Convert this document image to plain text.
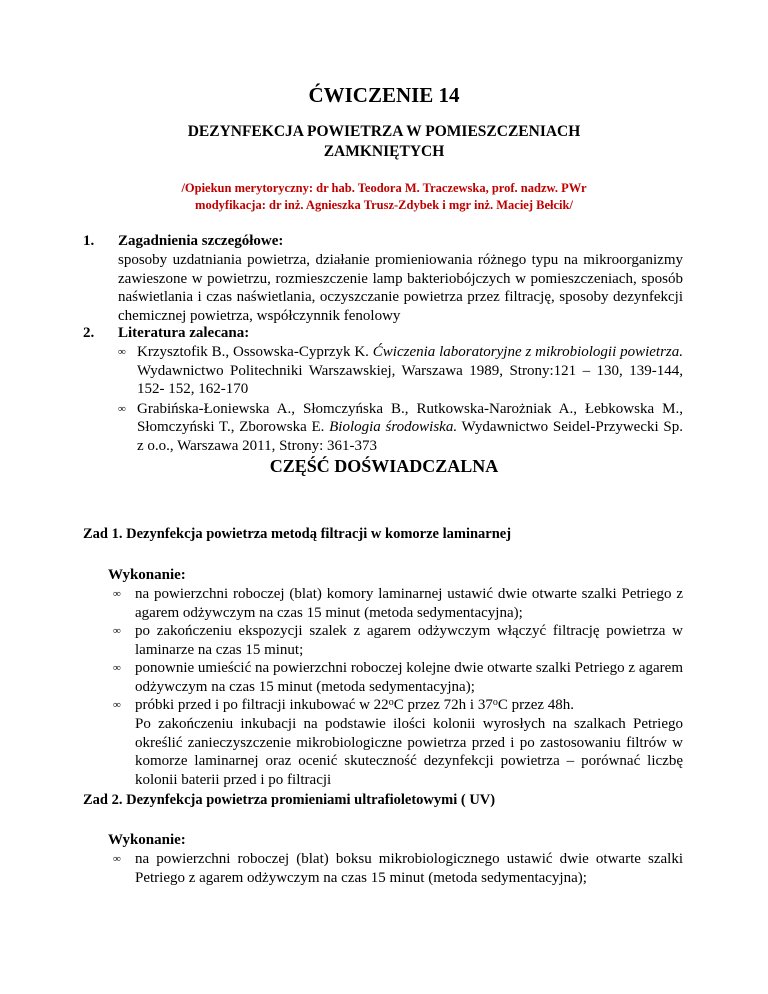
ĆWICZENIE 14
DEZYNFEKCJA POWIETRZA W POMIESZCZENIACH
ZAMKNIĘTYCH
/Opiekun merytoryczny: dr hab. Teodora M. Traczewska, prof. nadzw. PWr
modyfikacja: dr inż. Agnieszka Trusz-Zdybek i mgr inż. Maciej Bełcik/
1. Zagadnienia szczegółowe:
sposoby uzdatniania powietrza, działanie promieniowania różnego typu na mikroorganizmy zawieszone w powietrzu, rozmieszczenie lamp bakteriobójczych w pomieszczeniach, sposób naświetlania i czas naświetlania, oczyszczanie powietrza przez filtrację, sposoby dezynfekcji chemicznej powietrza, współczynnik fenolowy
2. Literatura zalecana:
∞ Krzysztofik B., Ossowska-Cyprzyk K. Ćwiczenia laboratoryjne z mikrobiologii powietrza. Wydawnictwo Politechniki Warszawskiej, Warszawa 1989, Strony:121 – 130, 139-144, 152- 152, 162-170
∞ Grabińska-Łoniewska A., Słomczyńska B., Rutkowska-Narożniak A., Łebkowska M., Słomczyński T., Zborowska E. Biologia środowiska. Wydawnictwo Seidel-Przywecki Sp. z o.o., Warszawa 2011, Strony: 361-373
CZĘŚĆ DOŚWIADCZALNA
Zad 1. Dezynfekcja powietrza metodą filtracji w komorze laminarnej
Wykonanie:
∞ na powierzchni roboczej (blat) komory laminarnej ustawić dwie otwarte szalki Petriego z agarem odżywczym na czas 15 minut (metoda sedymentacyjna);
∞ po zakończeniu ekspozycji szalek z agarem odżywczym włączyć filtrację powietrza w laminarze na czas 15 minut;
∞ ponownie umieścić na powierzchni roboczej kolejne dwie otwarte szalki Petriego z agarem odżywczym na czas 15 minut (metoda sedymentacyjna);
∞ próbki przed i po filtracji inkubować w 22$^o$C przez 72h i 37$^o$C przez 48h.
Po zakończeniu inkubacji na podstawie ilości kolonii wyrosłych na szalkach Petriego określić zanieczyszczenie mikrobiologiczne powietrza przed i po zastosowaniu filtrów w komorze laminarnej oraz ocenić skuteczność dezynfekcji powietrza – porównać liczbę kolonii baterii przed i po filtracji
Zad 2. Dezynfekcja powietrza promieniami ultrafioletowymi ( UV)
Wykonanie:
∞ na powierzchni roboczej (blat) boksu mikrobiologicznego ustawić dwie otwarte szalki Petriego z agarem odżywczym na czas 15 minut (metoda sedymentacyjna);
